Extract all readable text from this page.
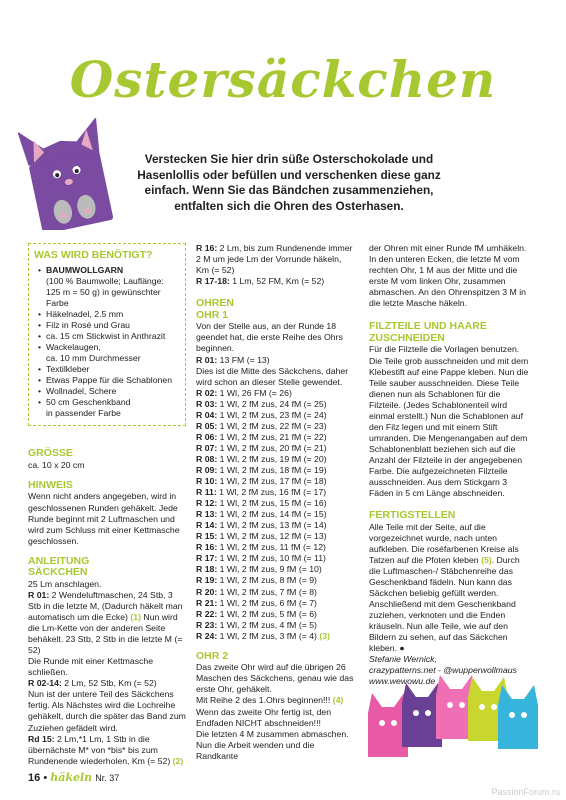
Ostersäckchen
Verstecken Sie hier drin süße Osterschokolade und Hasenlollis oder befüllen und verschenken diese ganz einfach. Wenn Sie das Bändchen zusammenziehen, entfalten sich die Ohren des Osterhasen.
WAS WIRD BENÖTIGT?
• BAUMWOLLGARN
(100 % Baumwolle; Lauflänge:
125 m = 50 g) in gewünschter Farbe
• Häkelnadel, 2.5 mm
• Filz in Rosé und Grau
• ca. 15 cm Stickwist in Anthrazit
• Wackelaugen,
ca. 10 mm Durchmesser
• Textilkleber
• Etwas Pappe für die Schablonen
• Wollnadel, Schere
• 50 cm Geschenkband
in passender Farbe
GRÖSSE

ca. 10 x 20 cm

HINWEIS

Wenn nicht anders angegeben, wird in geschlossenen Runden gehäkelt. Jede Runde beginnt mit 2 Luftmaschen und wird zum Schluss mit einer Kettmasche geschlossen.

ANLEITUNG
SÄCKCHEN

25 Lm anschlagen.

R 01: 2 Wendeluftmaschen, 24 Stb, 3 Stb in die letzte M, (Dadurch häkelt man automatisch um die Ecke) (1) Nun wird die Lm-Kette von der anderen Seite behäkelt. 23 Stb, 2 Stb in die letzte M (= 52)

Die Runde mit einer Kettmasche schließen.

R 02-14: 2 Lm, 52 Stb, Km (= 52)

Nun ist der untere Teil des Säckchens fertig. Als Nächstes wird die Lochreihe gehäkelt, durch die später das Band zum Zuziehen gefädelt wird.

Rd 15: 2 Lm,*1 Lm, 1 Stb in die übernächste M* von *bis* bis zum Rundenende wiederholen, Km (= 52) (2)

R 16: 2 Lm, bis zum Rundenende immer 2 M um jede Lm der Vorrunde häkeln, Km (= 52)

R 17-18: 1 Lm, 52 FM, Km (= 52)

OHREN
OHR 1

Von der Stelle aus, an der Runde 18 geendet hat, die erste Reihe des Ohrs beginnen.

R 01: 13 FM (= 13)

Dies ist die Mitte des Säckchens, daher wird schon an dieser Stelle gewendet.

R 02: 1 Wl, 26 FM (= 26)

R 03: 1 Wl, 2 fM zus, 24 fM (= 25)

R 04: 1 Wl, 2 fM zus, 23 fM (= 24)

R 05: 1 Wl, 2 fM zus, 22 fM (= 23)

R 06: 1 Wl, 2 fM zus, 21 fM (= 22)

R 07: 1 Wl, 2 fM zus, 20 fM (= 21)

R 08: 1 Wl, 2 fM zus, 19 fM (= 20)

R 09: 1 Wl, 2 fM zus, 18 fM (= 19)

R 10: 1 Wl, 2 fM zus, 17 fM (= 18)

R 11: 1 Wl, 2 fM zus, 16 fM (= 17)

R 12: 1 Wl, 2 fM zus, 15 fM (= 16)

R 13: 1 Wl, 2 fM zus, 14 fM (= 15)

R 14: 1 Wl, 2 fM zus, 13 fM (= 14)

R 15: 1 Wl, 2 fM zus, 12 fM (= 13)

R 16: 1 Wl, 2 fM zus, 11 fM (= 12)

R 17: 1 Wl, 2 fM zus, 10 fM (= 11)

R 18: 1 Wl, 2 fM zus, 9 fM (= 10)

R 19: 1 Wl, 2 fM zus, 8 fM (= 9)

R 20: 1 Wl, 2 fM zus, 7 fM (= 8)

R 21: 1 Wl, 2 fM zus, 6 fM (= 7)

R 22: 1 Wl, 2 fM zus, 5 fM (= 6)

R 23: 1 Wl, 2 fM zus, 4 fM (= 5)

R 24: 1 Wl, 2 fM zus, 3 fM (= 4) (3)

OHR 2

Das zweite Ohr wird auf die übrigen 26 Maschen des Säckchens, genau wie das erste Ohr, gehäkelt.

Mit Reihe 2 des 1.Ohrs beginnen!!! (4)

Wenn das zweite Ohr fertig ist, den Endfaden NICHT abschneiden!!!

Die letzten 4 M zusammen abmaschen.

Nun die Arbeit wenden und die Randkante

der Ohren mit einer Runde fM umhäkeln. In den unteren Ecken, die letzte M vom rechten Ohr, 1 M aus der Mitte und die erste M vom linken Ohr, zusammen abmaschen. An den Ohrenspitzen 3 M in die letzte Masche häkeln.

FILZTEILE UND HAARE ZUSCHNEIDEN

Für die Filzteile die Vorlagen benutzen. Die Teile grob ausschneiden und mit dem Klebestift auf eine Pappe kleben. Nun die Teile sauber ausschneiden. Diese Teile dienen nun als Schablonen für die Filzteile. (Jedes Schablonenteil wird einmal erstellt.) Nun die Schablonen auf den Filz legen und mit einem Stift umranden. Die Mengenangaben auf dem Schablonenblatt beziehen sich auf die Anzahl der Filzteile in der angegebenen Farbe. Die aufgezeichneten Filzteile ausschneiden. Aus dem Stickgarn 3 Fäden in 5 cm Länge abschneiden.

FERTIGSTELLEN

Alle Teile mit der Seite, auf die vorgezeichnet wurde, nach unten aufkleben. Die roséfarbenen Kreise als Tatzen auf die Pfoten kleben (5). Durch die Luftmaschen-/ Stäbchenreihe das Geschenkband fädeln. Nun kann das Säckchen beliebig gefüllt werden. Anschließend mit dem Geschenkband zuziehen, verknoten und die Enden kräuseln. Nun alle Teile, wie auf den Bildern zu sehen, auf das Säckchen kleben. ●

Stefanie Wernick,

crazypatterns.net - @wupperwollmaus

www.wewowu.de

16 • häkeln Nr. 37
PassionForum.ru
